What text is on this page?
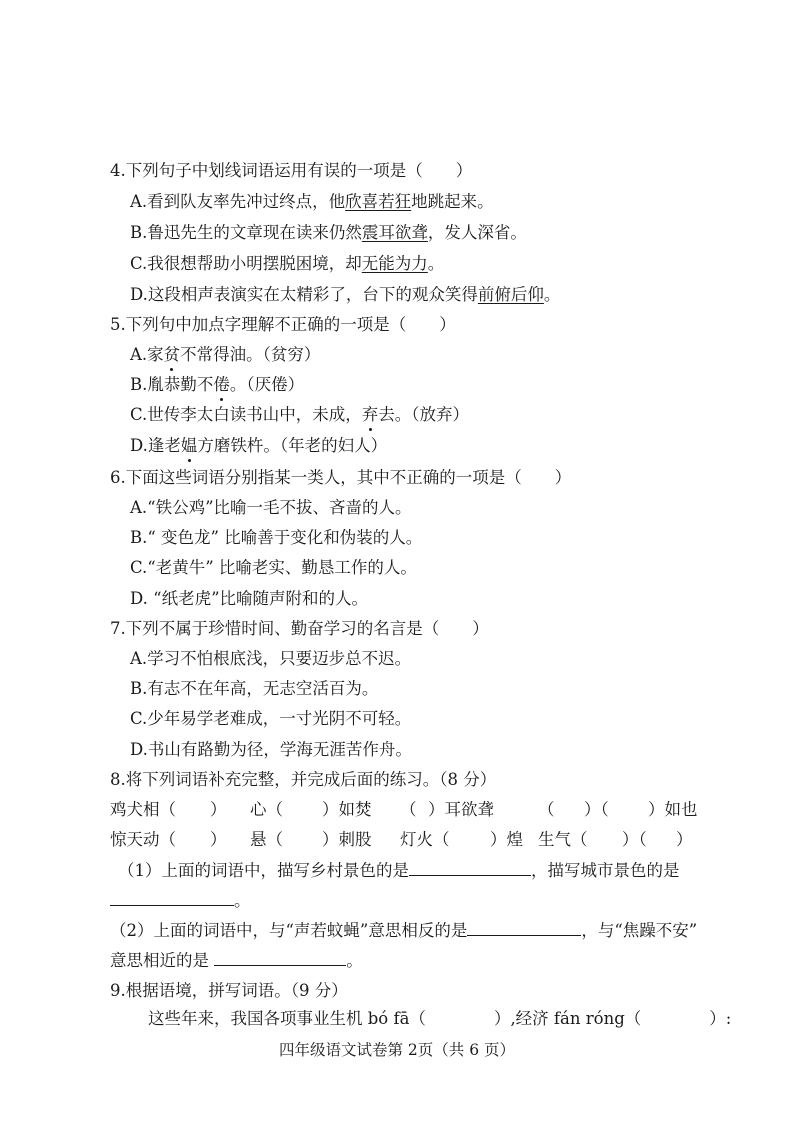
4.下列句子中划线词语运用有误的一项是（　　）
A.看到队友率先冲过终点，他欣喜若狂地跳起来。
B.鲁迅先生的文章现在读来仍然震耳欲聋，发人深省。
C.我很想帮助小明摆脱困境，却无能为力。
D.这段相声表演实在太精彩了，台下的观众笑得前俯后仰。
5.下列句中加点字理解不正确的一项是（　　）
A.家贫不常得油。（贫穷）
B.胤恭勤不倦。（厌倦）
C.世传李太白读书山中，未成，弃去。（放弃）
D.逢老媪方磨铁杵。（年老的妇人）
6.下面这些词语分别指某一类人，其中不正确的一项是（　　）
A.“铁公鸡”比喻一毛不拔、吝啬的人。
B.“ 变色龙” 比喻善于变化和伪装的人。
C.“老黄牛” 比喻老实、勤恳工作的人。
D. “纸老虎”比喻随声附和的人。
7.下列不属于珍惜时间、勤奋学习的名言是（　　）
A.学习不怕根底浅，只要迈步总不迟。
B.有志不在年高，无志空活百为。
C.少年易学老难成，一寸光阴不可轻。
D.书山有路勤为径，学海无涯苦作舟。
8.将下列词语补充完整，并完成后面的练习。（8 分）
鸡犬相（ ） 心（ ）如焚 （ ）耳欲聋	（ ）（ ）如也
惊天动（ ） 悬（ ）刺股 灯火（ ）煌 生气（ ）（ ）
（1）上面的词语中，描写乡村景色的是	，描写城市景色的是
。
（2）上面的词语中，与“声若蚊蝇”意思相反的是	，与“焦躁不安”
意思相近的是	。
9.根据语境，拼写词语。（9 分）
这些年来，我国各项事业生机 bó fā（	）,经济 fán róng（	）:
四年级语文试卷第 2页（共 6 页）
